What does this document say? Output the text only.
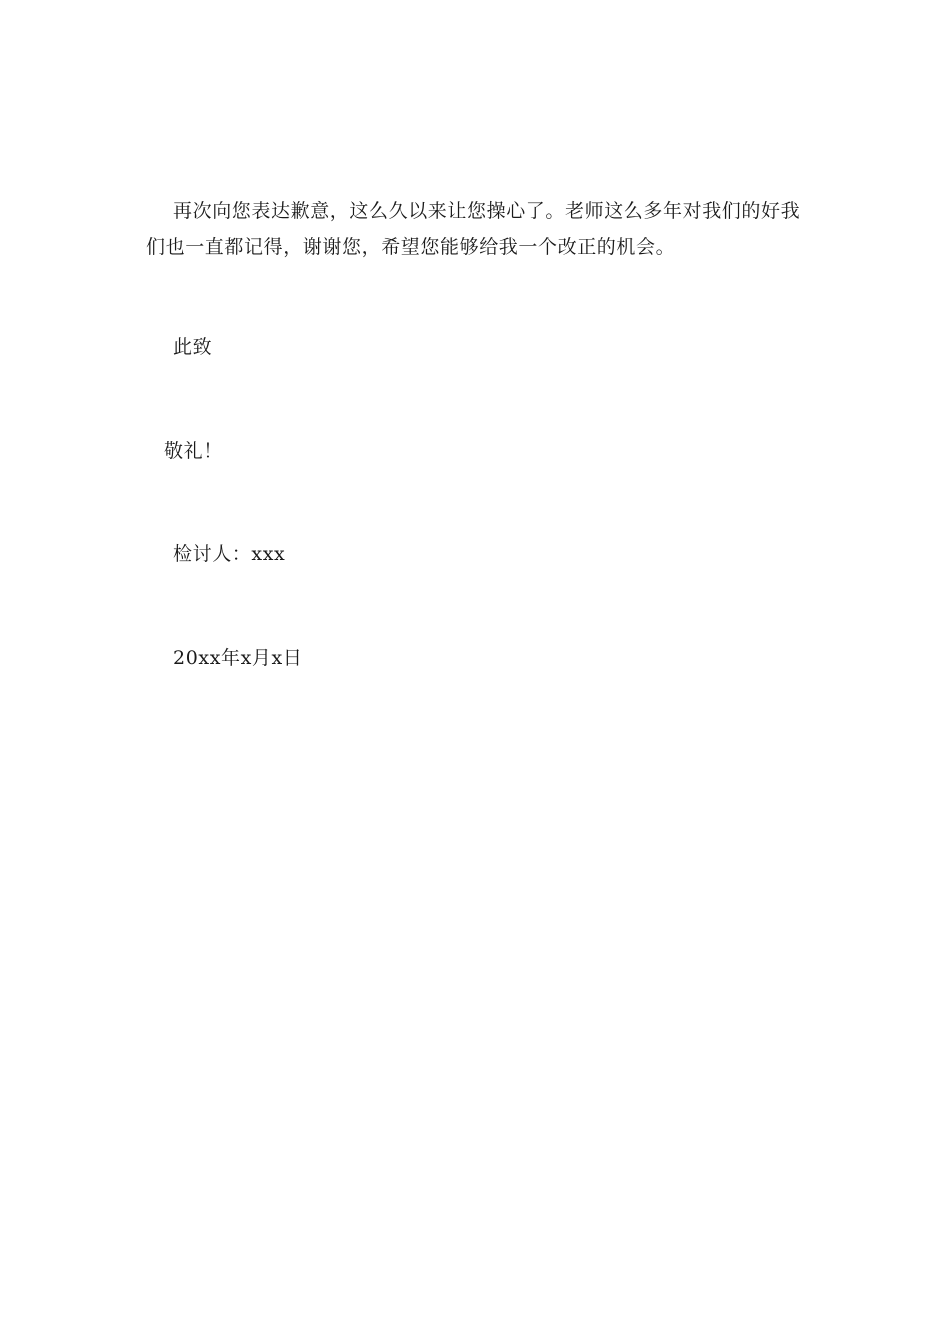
再次向您表达歉意，这么久以来让您操心了。老师这么多年对我们的好我们也一直都记得，谢谢您，希望您能够给我一个改正的机会。

此致

敬礼！

检讨人：xxx

20xx年x月x日
